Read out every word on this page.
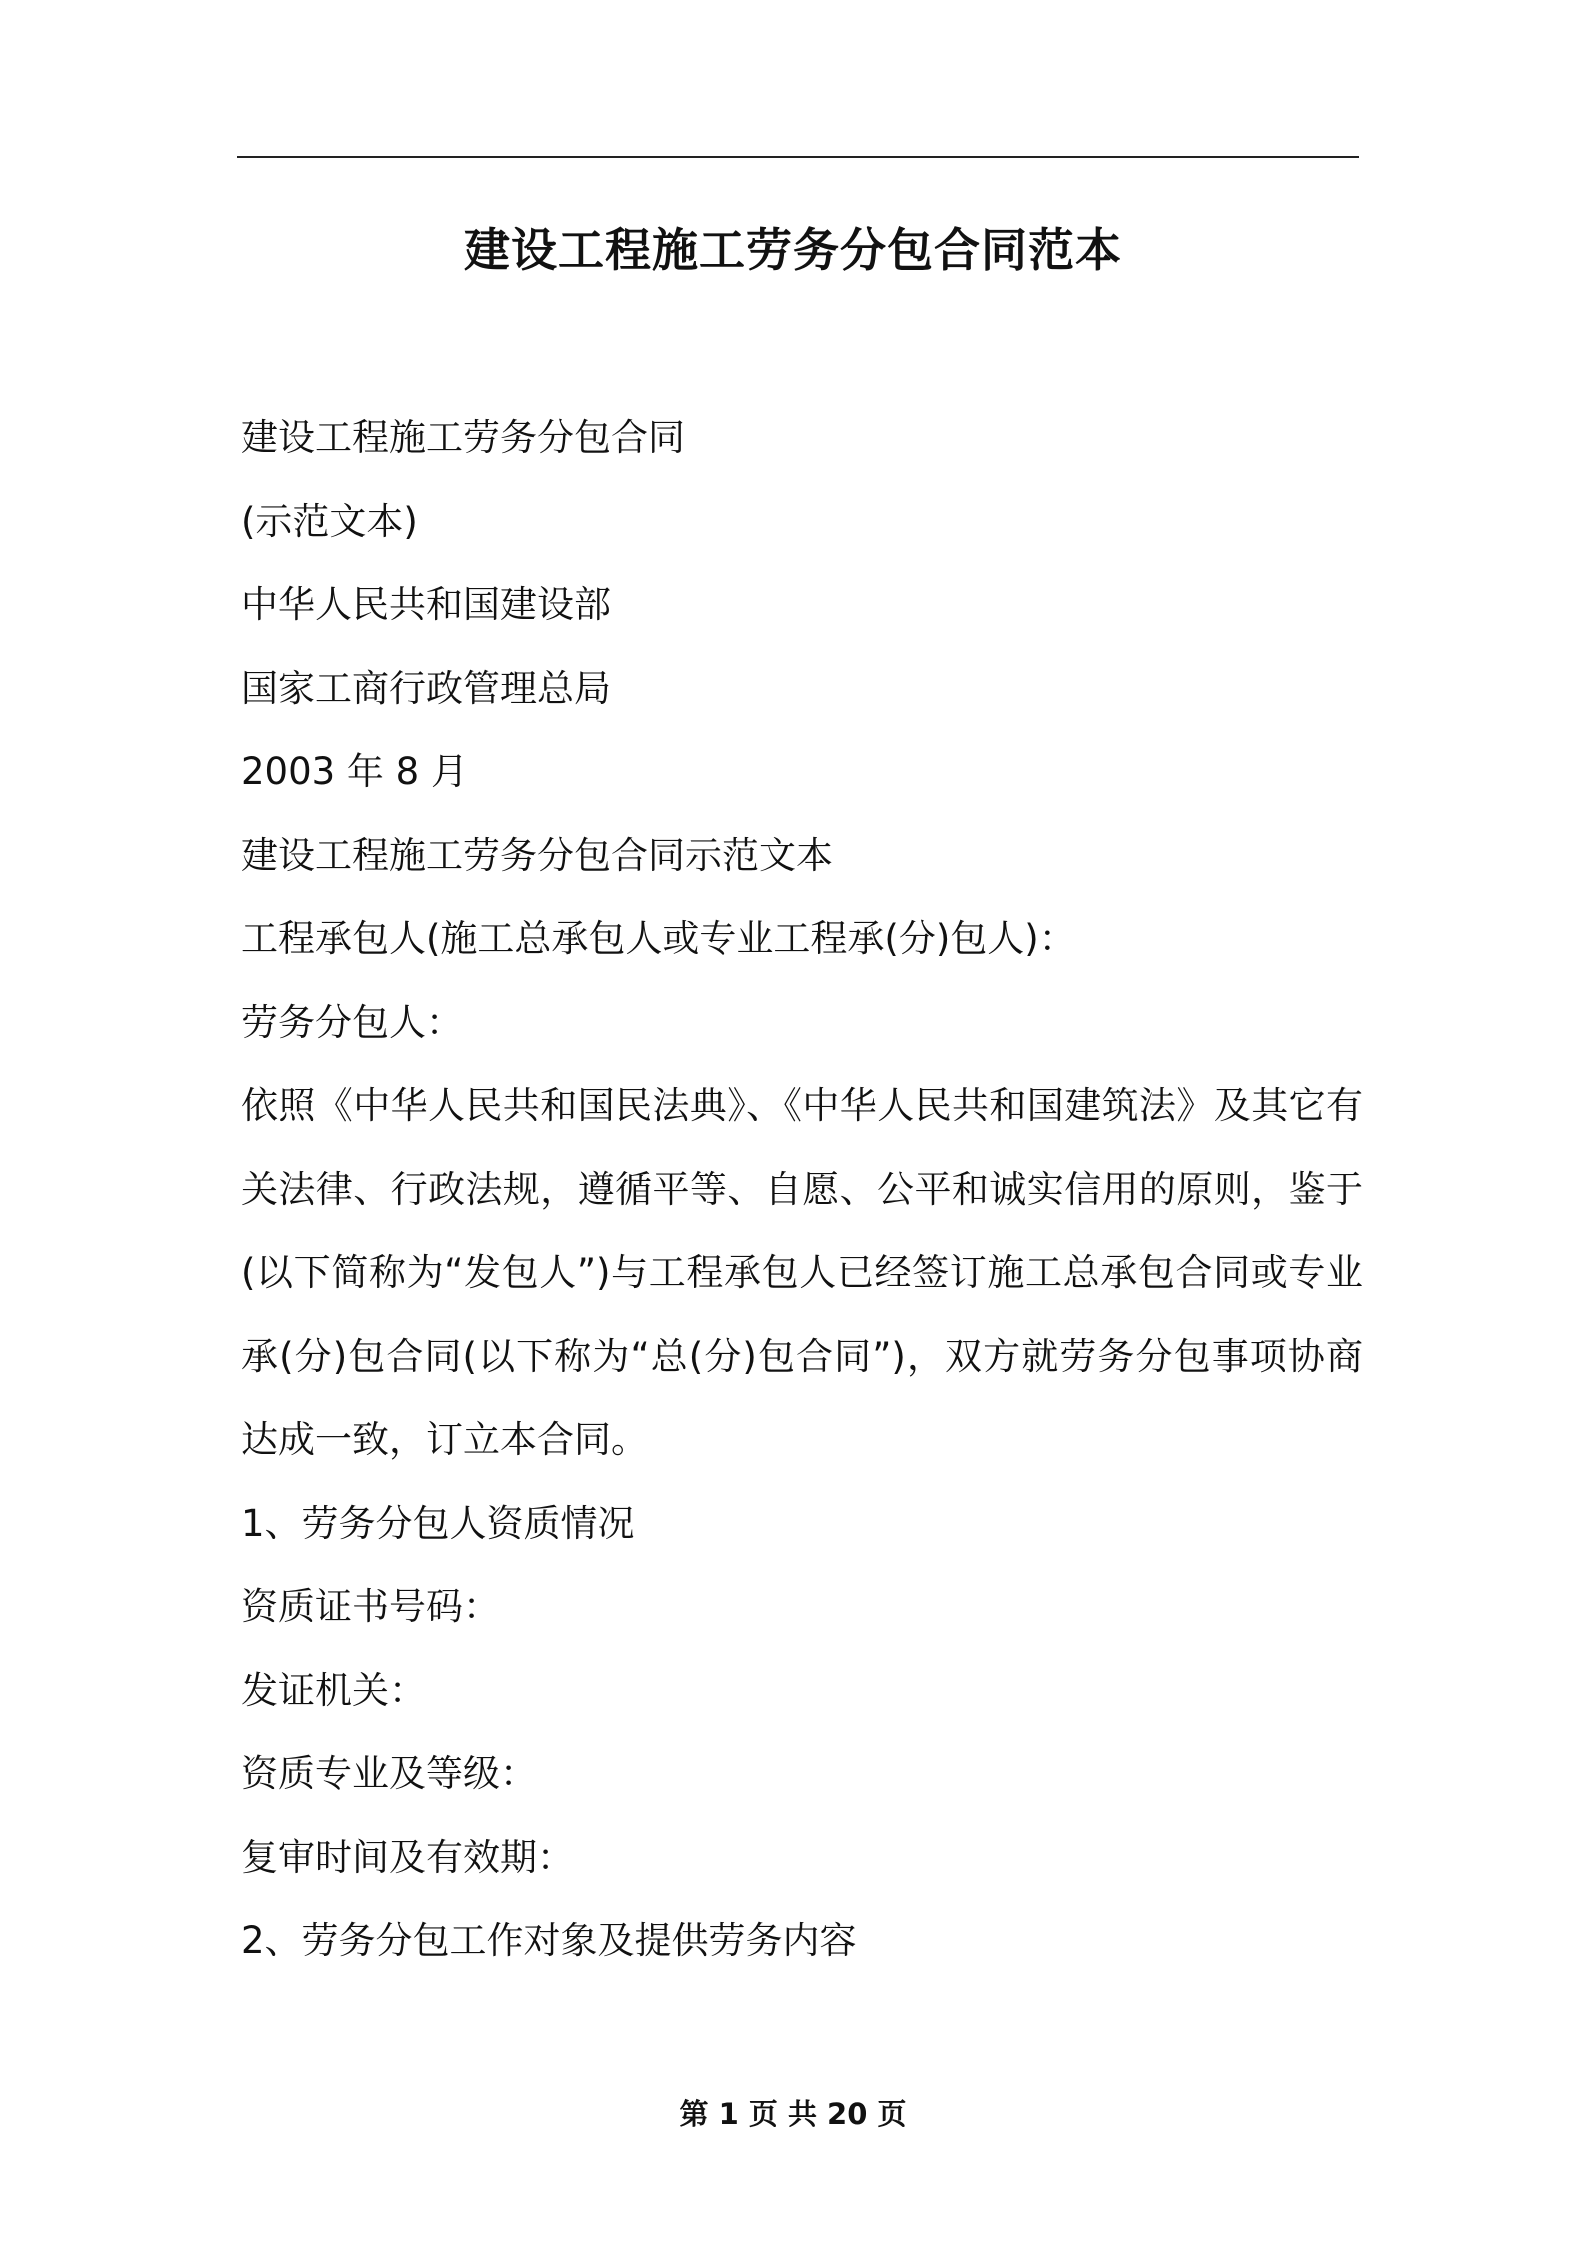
建设工程施工劳务分包合同范本
建设工程施工劳务分包合同
(示范文本)
中华人民共和国建设部
国家工商行政管理总局
2003 年 8 月
建设工程施工劳务分包合同示范文本
工程承包人(施工总承包人或专业工程承(分)包人)：
劳务分包人：
依照《中华人民共和国民法典》、《中华人民共和国建筑法》及其它有关法律、行政法规，遵循平等、自愿、公平和诚实信用的原则，鉴于(以下简称为“发包人”)与工程承包人已经签订施工总承包合同或专业承(分)包合同(以下称为“总(分)包合同”)，双方就劳务分包事项协商达成一致，订立本合同。
1、劳务分包人资质情况
资质证书号码：
发证机关：
资质专业及等级：
复审时间及有效期：
2、劳务分包工作对象及提供劳务内容
第 1 页 共 20 页
